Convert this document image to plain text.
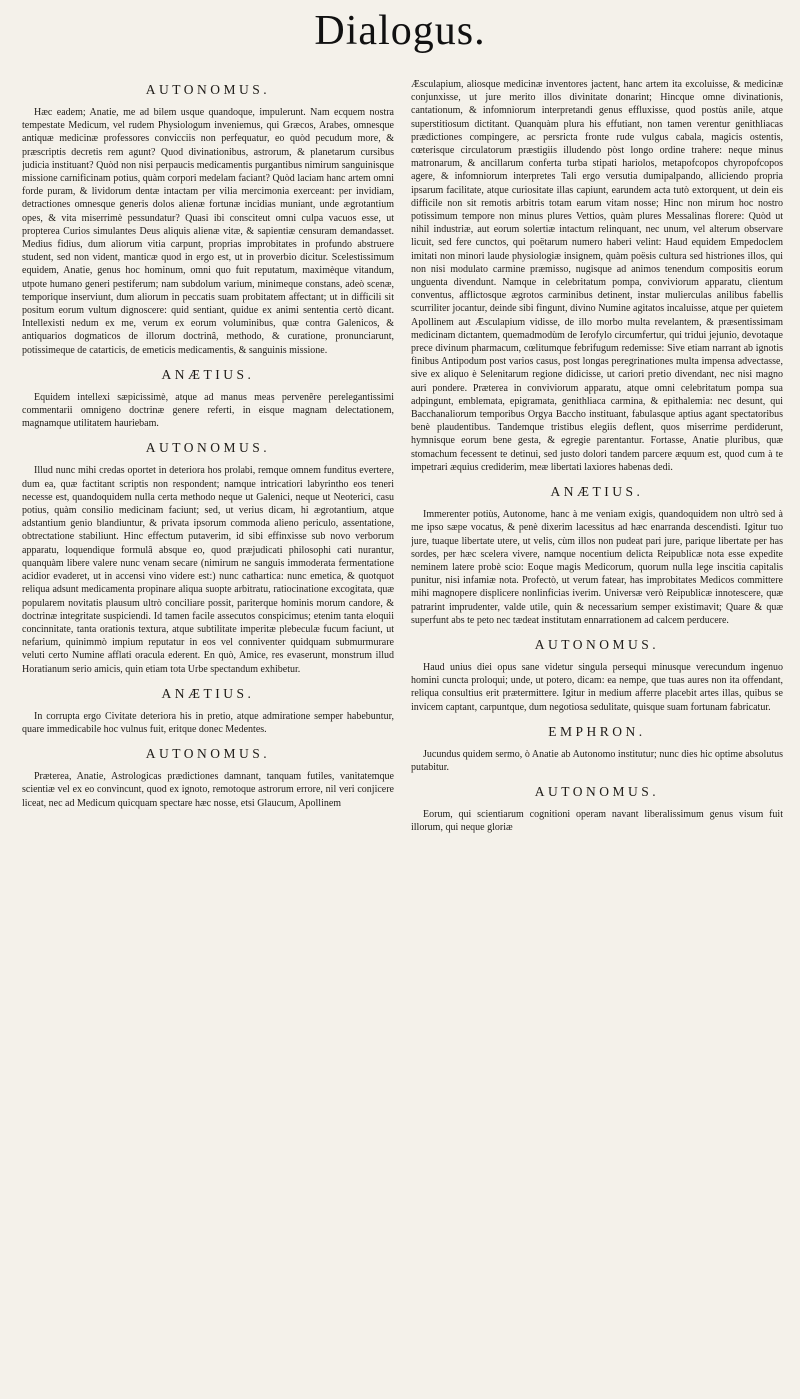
Dialogus.
AUTONOMUS.

Hæc eadem; Anatie, me ad bilem usque quandoque, impulerunt. Nam ecquem nostra tempestate Medicum, vel rudem Physiologum inveniemus, qui Græcos, Arabes, omnesque antiquæ medicinæ professores convicciis non perfequatur, eo quòd pecudum more, & præscriptis decretis rem agunt? Quod divinationibus, astrorum, & planetarum cursibus judicia instituant? Quòd non nisi perpaucis medicamentis purgantibus nimirum sanguinisque missione carnificinam potius, quàm corpori medelam faciant? Quòd laciam hanc artem omni forde puram, & lividorum dentæ intactam per vilia mercimonia exerceant: per invidiam, detractiones omnesque generis dolos alienæ fortunæ incidias muniant, unde ægrotantium opes, & vita miserrimè pessundatur? Quasi ibi consciteut omni culpa vacuos esse, ut propterea Curios simulantes Deus aliquis alienæ vitæ, & sapientiæ censuram demandasset. Medius fidius, dum aliorum vitia carpunt, proprias improbitates in profundo abstruere student, sed non vident, manticæ quod in ergo est, ut in proverbio dicitur. Scelestissimum equidem, Anatie, genus hoc hominum, omni quo fuit reputatum, maximèque vitandum, utpote humano generi pestiferum; nam subdolum varium, minimeque constans, adeò scenæ, temporique inserviunt, dum aliorum in peccatis suam probitatem affectant; ut in difficili sit positum eorum vultum dignoscere: quid sentiant, quidue ex animi sententia certò dicant. Intellexisti nedum ex me, verum ex eorum voluminibus, quæ contra Galenicos, & antiquarios dogmaticos de illorum doctrinâ, methodo, & curatione, pronunciarunt, potissimeque de catarticis, de emeticis medicamentis, & sanguinis missione.

ANÆTIUS.

Equidem intellexi sæpicissimè, atque ad manus meas pervenêre perelegantissimi commentarii omnigeno doctrinæ genere referti, in eisque magnam delectationem, magnamque utilitatem hauriebam.

AUTONOMUS.

Illud nunc mihi credas oportet in deteriora hos prolabi, remque omnem funditus evertere, dum ea, quæ factitant scriptis non respondent; namque intricatiori labyrintho eos teneri necesse est, quandoquidem nulla certa methodo neque ut Galenici, neque ut Neoterici, casu potius, quàm consilio medicinam faciunt; sed, ut verius dicam, hi ægrotantium, atque adstantium genio blandiuntur, & privata ipsorum commoda alieno periculo, assentatione, obtrectatione stabiliunt. Hinc effectum putaverim, id sibi effinxisse sub novo verborum apparatu, loquendique formulâ absque eo, quod præjudicati philosophi cati nurantur, quanquàm libere valere nunc venam secare (nimirum ne sanguis immoderata fermentatione acidior evaderet, ut in accensi vino videre est:) nunc cathartica: nunc emetica, & quotquot reliqua adsunt medicamenta propinare aliqua suopte arbitratu, ratiocinatione excogitata, quæ popularem novitatis plausum ultrò conciliare possit, pariterque hominis morum candore, & doctrinæ integritate suspiciendi. Id tamen facile assecutos conspicimus; etenim tanta eloquii concinnitate, tanta orationis textura, atque subtilitate imperitæ plebeculæ fucum faciunt, ut nefarium, quinimmò impium reputatur in eos vel conniventer quidquam submurmurare veluti certo Numine afflati oracula ederent. En quò, Amice, res evaserunt, monstrum illud Horatianum serio amicis, quin etiam tota Urbe spectandum exhibetur.

ANÆTIUS.

In corrupta ergo Civitate deteriora his in pretio, atque admiratione semper habebuntur, quare immedicabile hoc vulnus fuit, eritque donec Medentes.

AUTONOMUS.

Præterea, Anatie, Astrologicas prædictiones damnant, tanquam futiles, vanitatemque scientiæ vel ex eo convincunt, quod ex ignoto, remotoque astrorum errore, nil veri conjicere liceat, nec ad Medicum quicquam spectare hæc nosse, etsi Glaucum, Apollinem

Æsculapium, aliosque medicinæ inventores jactent, hanc artem ita excoluisse, & medicinæ conjunxisse, ut jure merito illos divinitate donarint; Hincque omne divinationis, cantationum, & infomniorum interpretandi genus effluxisse, quod postùs anile, atque superstitiosum dictitant. Quanquàm plura his effutiant, non tamen verentur genithliacas prædictiones compingere, ac persricta fronte rude vulgus cabala, magicis ostentis, cœterisque circulatorum præstigiis illudendo pòst longo ordine trahere: neque minus matronarum, & ancillarum conferta turba stipati hariolos, metapofcopos chyropofcopos agere, & infomniorum interpretes Tali ergo versutia dumipalpando, alliciendo propria ipsarum facilitate, atque curiositate illas capiunt, earundem acta tutò extorquent, ut dein eis difficile non sit remotis arbitris totam earum vitam nosse; Hinc non mirum hoc nostro potissimum tempore non minus plures Vettios, quàm plures Messalinas florere: Quòd ut nihil industriæ, aut eorum solertiæ intactum relinquant, nec unum, vel alterum observare licuit, sed fere cunctos, qui poëtarum numero haberi velint: Haud equidem Empedoclem imitati non minori laude physiologiæ insignem, quàm poësis cultura sed histriones illos, qui non nisi modulato carmine præmisso, nugisque ad animos tenendum compositis eorum unguenta divendunt. Namque in celebritatum pompa, conviviorum apparatu, clientum conventus, afflictosque ægrotos carminibus detinent, instar mulierculas anilibus fabellis scurriliter jocantur, deinde sibi fingunt, divino Numine agitatos incaluisse, atque per quietem Apollinem aut Æsculapium vidisse, de illo morbo multa revelantem, & præsentissimam medicinam dictantem, quemadmodùm de Ierofylo circumfertur, qui tridui jejunio, devotaque prece divinum pharmacum, cœlitumque febrifugum redemisse: Sive etiam narrant ab ignotis finibus Antipodum post varios casus, post longas peregrinationes multa impensa advectasse, sive ex aliquo è Selenitarum regione didicisse, ut cariori pretio divendant, nec nisi magno auri pondere. Præterea in conviviorum apparatu, atque omni celebritatum pompa sua adpingunt, emblemata, epigramata, genithliaca carmina, & epithalemia: nec desunt, qui Bacchanaliorum temporibus Orgya Baccho instituant, fabulasque aptius agant spectatoribus benè plaudentibus. Tandemque tristibus elegiis deflent, quos miserrime perdiderunt, hymnisque eorum bene gesta, & egregie parentantur. Fortasse, Anatie pluribus, quæ stomachum fecessent te detinui, sed justo dolori tandem parcere æquum est, quod cum à te impetrari æquius crediderim, meæ libertati laxiores habenas dedi.

ANÆTIUS.

Immerenter potiùs, Autonome, hanc à me veniam exigis, quandoquidem non ultrò sed à me ipso sæpe vocatus, & penè dixerim lacessitus ad hæc enarranda descendisti. Igitur tuo jure, tuaque libertate utere, ut velis, cùm illos non pudeat pari jure, parique libertate per has sordes, per hæc scelera vivere, namque nocentium delicta Reipublicæ nota esse expedite neminem latere probè scio: Eoque magis Medicorum, quorum nulla lege inscitia capitalis punitur, nisi infamiæ nota. Profectò, ut verum fatear, has improbitates Medicos committere mihi magnopere displicere nonlinficias iverim. Universæ verò Reipublicæ innotescere, quæ patrarint imprudenter, valde utile, quin & necessarium semper existimavit; Quare & quæ superfunt abs te peto nec tædeat institutam ennarrationem ad calcem perducere.

AUTONOMUS.

Haud unius diei opus sane videtur singula persequi minusque verecundum ingenuo homini cuncta proloqui; unde, ut potero, dicam: ea nempe, que tuas aures non ita offendant, reliqua consultius erit prætermittere. Igitur in medium afferre placebit artes illas, quibus se invicem captant, carpuntque, dum negotiosa sedulitate, quisque suam fortunam fabricatur.

EMPHRON.

Jucundus quidem sermo, ò Anatie ab Autonomo institutur; nunc dies hic optime absolutus putabitur.

AUTONOMUS.

Eorum, qui scientiarum cognitioni operam navant liberalissimum genus visum fuit illorum, qui neque gloriæ
